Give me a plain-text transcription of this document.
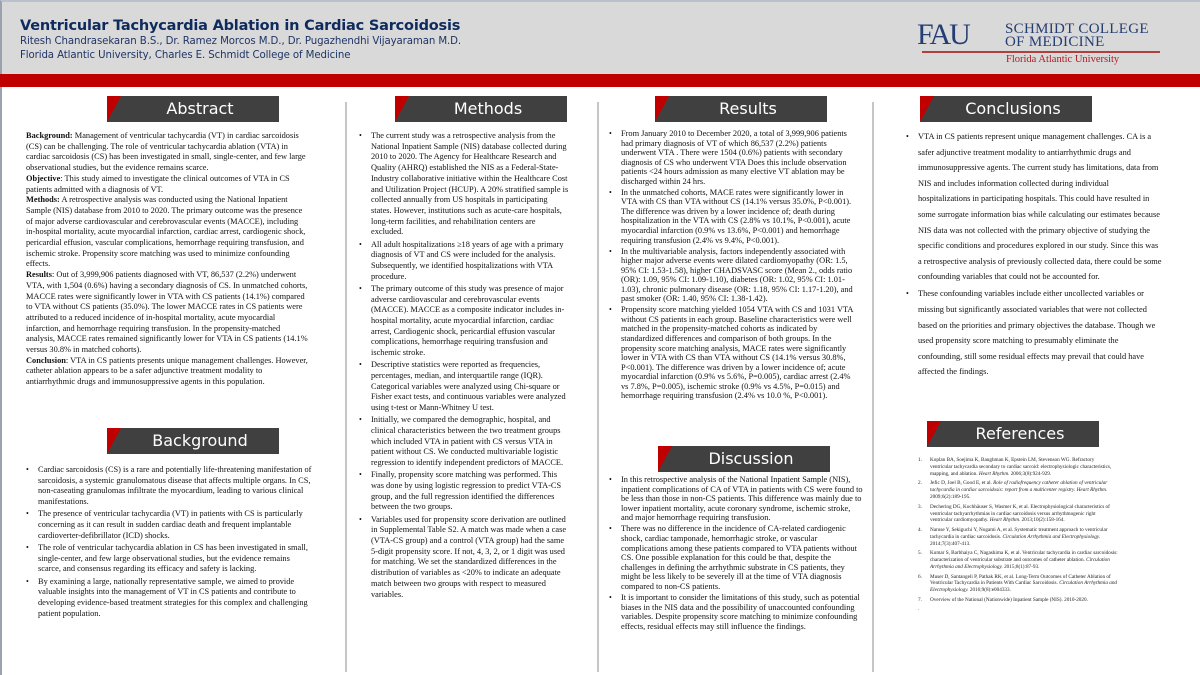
Ventricular Tachycardia Ablation in Cardiac Sarcoidosis
Ritesh Chandrasekaran B.S., Dr. Ramez Morcos M.D., Dr. Pugazhendhi Vijayaraman M.D.
Florida Atlantic University, Charles E. Schmidt College of Medicine
FAU SCHMIDT COLLEGE
OF MEDICINE
Florida Atlantic University
Abstract

Background: Management of ventricular tachycardia (VT) in cardiac sarcoidosis (CS) can be challenging. The role of ventricular tachycardia ablation (VTA) in cardiac sarcoidosis (CS) has been investigated in small, single-center, and few large observational studies, but the evidence remains scarce.

Objective: This study aimed to investigate the clinical outcomes of VTA in CS patients admitted with a diagnosis of VT.

Methods: A retrospective analysis was conducted using the National Inpatient Sample (NIS) database from 2010 to 2020. The primary outcome was the presence of major adverse cardiovascular and cerebrovascular events (MACCE), including in-hospital mortality, acute myocardial infarction, cardiac arrest, cardiogenic shock, pericardial effusion, vascular complications, hemorrhage requiring transfusion, and ischemic stroke. Propensity score matching was used to minimize confounding effects.

Results: Out of 3,999,906 patients diagnosed with VT, 86,537 (2.2%) underwent VTA, with 1,504 (0.6%) having a secondary diagnosis of CS. In unmatched cohorts, MACCE rates were significantly lower in VTA with CS patients (14.1%) compared to VTA without CS patients (35.0%). The lower MACCE rates in CS patients were attributed to a reduced incidence of in-hospital mortality, acute myocardial infarction, and hemorrhage requiring transfusion. In the propensity-matched analysis, MACCE rates remained significantly lower for VTA in CS patients (14.1% versus 30.8% in matched cohorts).

Conclusion: VTA in CS patients presents unique management challenges. However, catheter ablation appears to be a safer adjunctive treatment modality to antiarrhythmic drugs and immunosuppressive agents in this population.

Background
• Cardiac sarcoidosis (CS) is a rare and potentially life-threatening manifestation of sarcoidosis, a systemic granulomatous disease that affects multiple organs. In CS, non-caseating granulomas infiltrate the myocardium, leading to various clinical manifestations.
• The presence of ventricular tachycardia (VT) in patients with CS is particularly concerning as it can result in sudden cardiac death and frequent implantable cardioverter-defibrillator (ICD) shocks.
• The role of ventricular tachycardia ablation in CS has been investigated in small, single-center, and few large observational studies, but the evidence remains scarce, and consensus regarding its efficacy and safety is lacking.
• By examining a large, nationally representative sample, we aimed to provide valuable insights into the management of VT in CS patients and contribute to developing evidence-based treatment strategies for this complex and challenging patient population.
Methods
• The current study was a retrospective analysis from the National Inpatient Sample (NIS) database collected during 2010 to 2020. The Agency for Healthcare Research and Quality (AHRQ) established the NIS as a Federal-State-Industry collaborative initiative within the Healthcare Cost and Utilization Project (HCUP). A 20% stratified sample is collected annually from US hospitals in participating states. However, institutions such as acute-care hospitals, long-term facilities, and rehabilitation centers are excluded.
• All adult hospitalizations ≥18 years of age with a primary diagnosis of VT and CS were included for the analysis. Subsequently, we identified hospitalizations with VTA procedure.
• The primary outcome of this study was presence of major adverse cardiovascular and cerebrovascular events (MACCE). MACCE as a composite indicator includes in-hospital mortality, acute myocardial infarction, cardiac arrest, Cardiogenic shock, pericardial effusion vascular complications, hemorrhage requiring transfusion and ischemic stroke.
• Descriptive statistics were reported as frequencies, percentages, median, and interquartile range (IQR). Categorical variables were analyzed using Chi-square or Fisher exact tests, and continuous variables were analyzed using t-test or Mann-Whitney U test.
• Initially, we compared the demographic, hospital, and clinical characteristics between the two treatment groups which included VTA in patient with CS versus VTA in patient without CS. We conducted multivariable logistic regression to identify independent predictors of MACCE.
• Finally, propensity score matching was performed. This was done by using logistic regression to predict VTA-CS group, and the full regression identified the differences between the two groups.
• Variables used for propensity score derivation are outlined in Supplemental Table S2. A match was made when a case (VTA-CS group) and a control (VTA group) had the same 5-digit propensity score. If not, 4, 3, 2, or 1 digit was used for matching. We set the standardized differences in the distribution of variables as <20% to indicate an adequate match between two groups with respect to measured variables.
Results
• From January 2010 to December 2020, a total of 3,999,906 patients had primary diagnosis of VT of which 86,537 (2.2%) patients underwent VTA . There were 1504 (0.6%) patients with secondary diagnosis of CS who underwent VTA Does this include observation patients <24 hours admission as many elective VT ablation may be discharged within 24 hrs.
• In the unmatched cohorts, MACE rates were significantly lower in VTA with CS than VTA without CS (14.1% versus 35.0%, P<0.001). The difference was driven by a lower incidence of; death during hospitalization in the VTA with CS (2.8% vs 10.1%, P<0.001), acute myocardial infarction (0.9% vs 13.6%, P<0.001) and hemorrhage requiring transfusion (2.4% vs 9.4%, P<0.001).
• In the multivariable analysis, factors independently associated with higher major adverse events were dilated cardiomyopathy (OR: 1.5, 95% CI: 1.53-1.58), higher CHADSVASC score (Mean 2., odds ratio (OR): 1.09, 95% CI: 1.09-1.10), diabetes (OR: 1.02, 95% CI: 1.01-1.03), chronic pulmonary disease (OR: 1.18, 95% CI: 1.17-1.20), and past smoker (OR: 1.40, 95% CI: 1.38-1.42).
• Propensity score matching yielded 1054 VTA with CS and 1031 VTA without CS patients in each group. Baseline characteristics were well matched in the propensity-matched cohorts as indicated by standardized differences and comparison of both groups. In the propensity score matching analysis, MACE rates were significantly lower in VTA with CS than VTA without CS (14.1% versus 30.8%, P<0.001). The difference was driven by a lower incidence of; acute myocardial infarction (0.9% vs 5.6%, P=0.005), cardiac arrest (2.4% vs 7.8%, P=0.005), ischemic stroke (0.9% vs 4.5%, P=0.015) and hemorrhage requiring transfusion (2.4% vs 10.0 %, P<0.001).
Discussion
• In this retrospective analysis of the National Inpatient Sample (NIS), inpatient complications of CA of VTA in patients with CS were found to be less than those in non-CS patients. This difference was mainly due to lower inpatient mortality, acute coronary syndrome, ischemic stroke, and major hemorrhage requiring transfusion.
• There was no difference in the incidence of CA-related cardiogenic shock, cardiac tamponade, hemorrhagic stroke, or vascular complications among these patients compared to VTA patients without CS. One possible explanation for this could be that, despite the challenges in defining the arrhythmic substrate in CS patients, they might be less likely to be severely ill at the time of VTA diagnosis compared to non-CS patients.
• It is important to consider the limitations of this study, such as potential biases in the NIS data and the possibility of unaccounted confounding variables. Despite propensity score matching to minimize confounding effects, residual effects may still influence the findings.
Conclusions
• VTA in CS patients represent unique management challenges. CA is a safer adjunctive treatment modality to antiarrhythmic drugs and immunosuppressive agents. The current study has limitations, data from NIS and includes information collected during individual hospitalizations in participating hospitals. This could have resulted in some surrogate information bias while calculating our estimates because NIS data was not collected with the primary objective of studying the specific conditions and procedures explored in our study. Since this was a retrospective analysis of previously collected data, there could be some confounding variables that could not be accounted for.
• These confounding variables include either uncollected variables or missing but significantly associated variables that were not collected based on the priorities and primary objectives the database. Though we used propensity score matching to presumably eliminate the confounding, still some residual effects may prevail that could have affected the findings.
References
1. Koplan BA, Soejima K, Baughman K, Epstein LM, Stevenson WG. Refractory ventricular tachycardia secondary to cardiac sarcoid: electrophysiologic characteristics, mapping, and ablation. Heart Rhythm. 2006;3(8):924-929.
2. Jefic D, Joel B, Good E, et al. Role of radiofrequency catheter ablation of ventricular tachycardia in cardiac sarcoidosis: report from a multicenter registry. Heart Rhythm. 2009;6(2):189-195.
3. Dechering DG, Kochhäuser S, Wasmer K, et al. Electrophysiological characteristics of ventricular tachyarrhythmias in cardiac sarcoidosis versus arrhythmogenic right ventricular cardiomyopathy. Heart Rhythm. 2013;10(2):158-164.
4. Naruse Y, Sekiguchi Y, Nogami A, et al. Systematic treatment approach to ventricular tachycardia in cardiac sarcoidosis. Circulation Arrhythmia and Electrophysiology. 2014;7(3):407-413.
5. Kumar S, Barbhaiya C, Nagashima K, et al. Ventricular tachycardia in cardiac sarcoidosis: characterization of ventricular substrate and outcomes of catheter ablation. Circulation Arrhythmia and Electrophysiology. 2015;8(1):87-93.
6. Muser D, Santangeli P, Pathak RK, et al. Long-Term Outcomes of Catheter Ablation of Ventricular Tachycardia in Patients With Cardiac Sarcoidosis. Circulation Arrhythmia and Electrophysiology. 2016;9(8):e004333.
7. Overview of the National (Nationwide) Inpatient Sample (NIS). 2010-2020.
.
